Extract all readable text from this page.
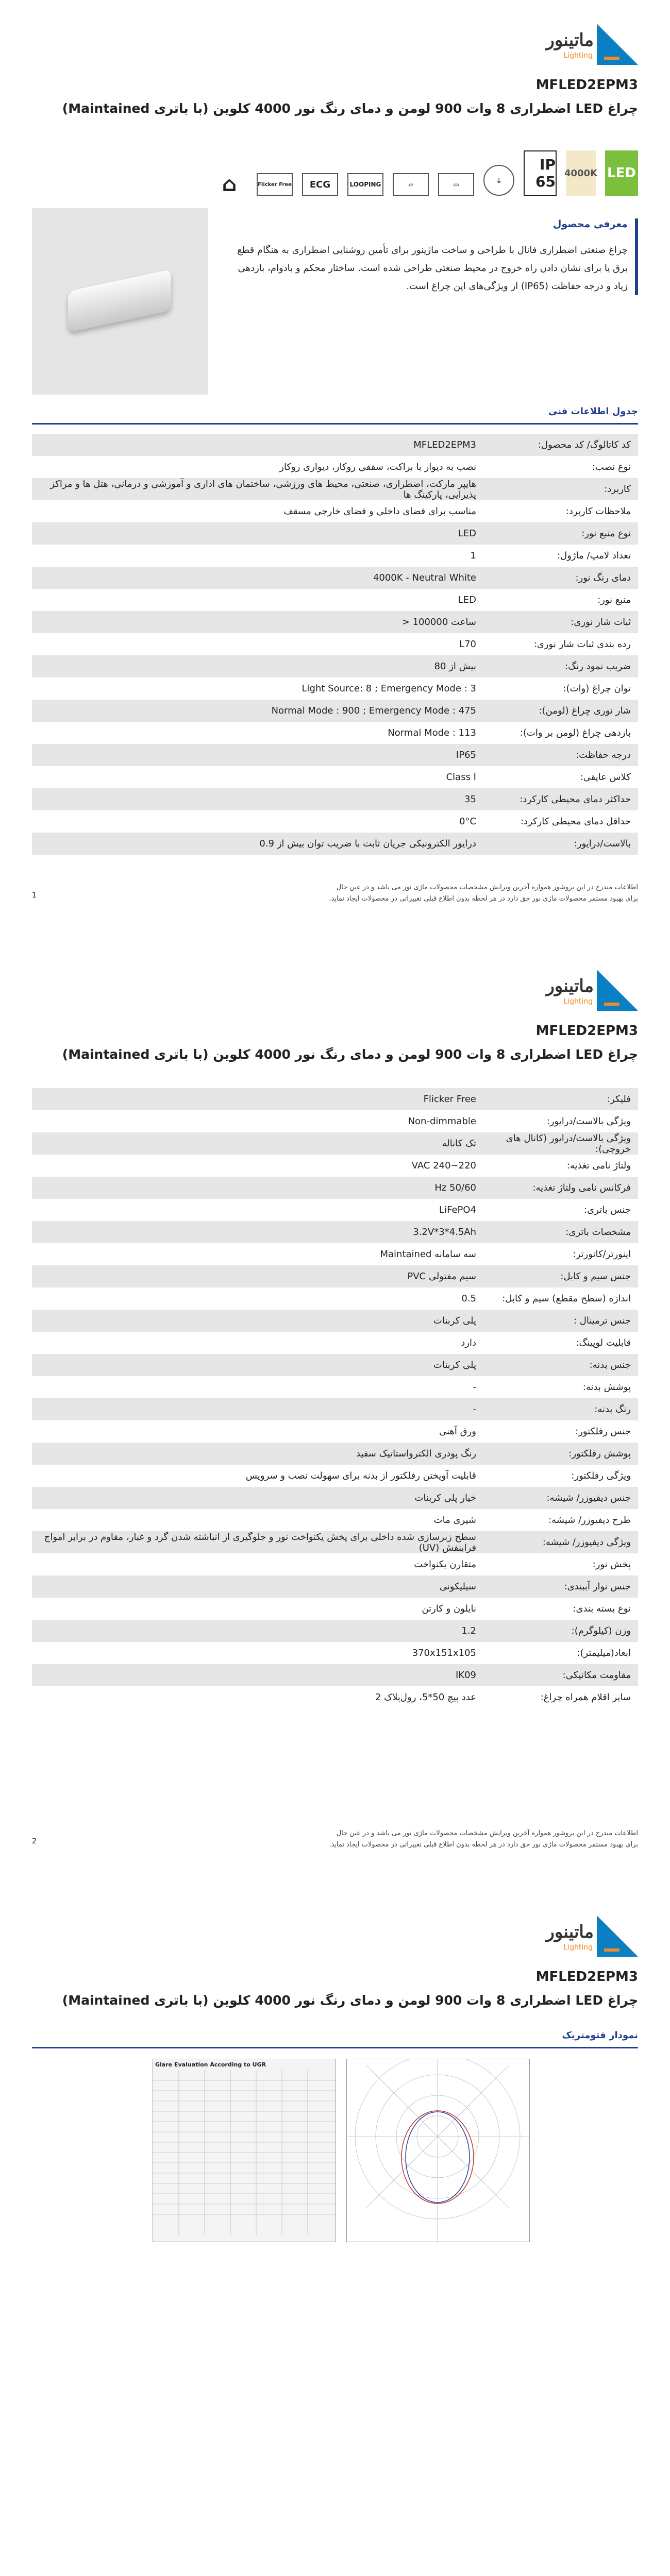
ماتینور
Lighting
MFLED2EPM3
چراغ LED اضطراری 8 وات 900 لومن و دمای رنگ نور 4000 کلوین (با باتری Maintained)
LED
4000K
IP 65
⏚
▭
▱
LOOPING
ECG
Flicker Free
⌂
معرفی محصول

چراغ صنعتی اضطراری فانال با طراحی و ساخت ماژینور برای تأمین روشنایی اضطراری به هنگام قطع برق یا برای نشان دادن راه خروج در محیط صنعتی طراحی شده است. ساختار محکم و بادوام، بازدهی زیاد و درجه حفاظت (IP65) از ویژگی‌های این چراغ است.

جدول اطلاعات فنی
کد کاتالوگ/ کد محصول:	MFLED2EPM3
نوع نصب:	نصب به دیوار با براکت، سقفی روکار، دیواری روکار
کاربرد:	هایپر مارکت، اضطراری، صنعتی، محیط های ورزشی، ساختمان های اداری و آموزشی و درمانی، هتل ها و مراکز پذیرایی، پارکینگ ها
ملاحظات کاربرد:	مناسب برای فضای داخلی و فضای خارجی مسقف
نوع منبع نور:	LED
تعداد لامپ/ ماژول:	1
دمای رنگ نور:	4000K - Neutral White
منبع نور:	LED
ثبات شار نوری:	ساعت 100000 <
رده بندی ثبات شار نوری:	L70
ضریب نمود رنگ:	بیش از 80
توان چراغ (وات):	Light Source: 8 ; Emergency Mode : 3
شار نوری چراغ (لومن):	Normal Mode : 900 ; Emergency Mode : 475
بازدهی چراغ (لومن بر وات):	Normal Mode : 113
درجه حفاظت:	IP65
کلاس عایقی:	Class I
حداکثر دمای محیطی کارکرد:	35
حداقل دمای محیطی کارکرد:	0°C
بالاست/درایور:	درایور الکترونیکی جریان ثابت با ضریب توان بیش از 0.9
اطلاعات مندرج در این بروشور همواره آخرین ویرایش مشخصات محصولات ماژی نور می باشد و در عین حال
برای بهبود مستمر محصولات ماژی نور حق دارد در هر لحظه بدون اطلاع قبلی تغییراتی در محصولات ایجاد نماید.
1
ماتینور
Lighting
MFLED2EPM3
چراغ LED اضطراری 8 وات 900 لومن و دمای رنگ نور 4000 کلوین (با باتری Maintained)
فلیکر:	Flicker Free
ویژگی بالاست/درایور:	Non-dimmable
ویژگی بالاست/درایور (کانال های خروجی):	تک کاناله
ولتاژ نامی تغذیه:	220~240 VAC
فرکانس نامی ولتاژ تغذیه:	50/60 Hz
جنس باتری:	LiFePO4
مشخصات باتری:	3.2V*3*4.5Ah
اینورتر/کانورتر:	سه سامانه Maintained
جنس سیم و کابل:	سیم مفتولی PVC
اندازه (سطح مقطع) سیم و کابل:	0.5
جنس ترمینال :	پلی کربنات
قابلیت لوپینگ:	دارد
جنس بدنه:	پلی کربنات
پوشش بدنه:	-
رنگ بدنه:	-
جنس رفلکتور:	ورق آهنی
پوشش رفلکتور:	رنگ پودری الکترواستاتیک سفید
ویژگی رفلکتور:	قابلیت آویختن رفلکتور از بدنه برای سهولت نصب و سرویس
جنس دیفیوزر/ شیشه:	خیار پلی کربنات
طرح دیفیوزر/ شیشه:	شیری مات
ویژگی دیفیوزر/ شیشه:	سطح زبرسازی شده داخلی برای پخش یکنواخت نور و جلوگیری از انباشته شدن گرد و غبار، مقاوم در برابر امواج فرابنفش (UV)
پخش نور:	متقارن یکنواخت
جنس نوار آببندی:	سیلیکونی
نوع بسته بندی:	نایلون و کارتن
وزن (کیلوگرم):	1.2
ابعاد(میلیمتر):	370x151x105
مقاومت مکانیکی:	IK09
سایر اقلام همراه چراغ:	عدد پیچ 50*5، رول‌پلاک 2
اطلاعات مندرج در این بروشور همواره آخرین ویرایش مشخصات محصولات ماژی نور می باشد و در عین حال
برای بهبود مستمر محصولات ماژی نور حق دارد در هر لحظه بدون اطلاع قبلی تغییراتی در محصولات ایجاد نماید.
2
ماتینور
Lighting
MFLED2EPM3
چراغ LED اضطراری 8 وات 900 لومن و دمای رنگ نور 4000 کلوین (با باتری Maintained)
نمودار فتومتریک
Glare Evaluation According to UGR
